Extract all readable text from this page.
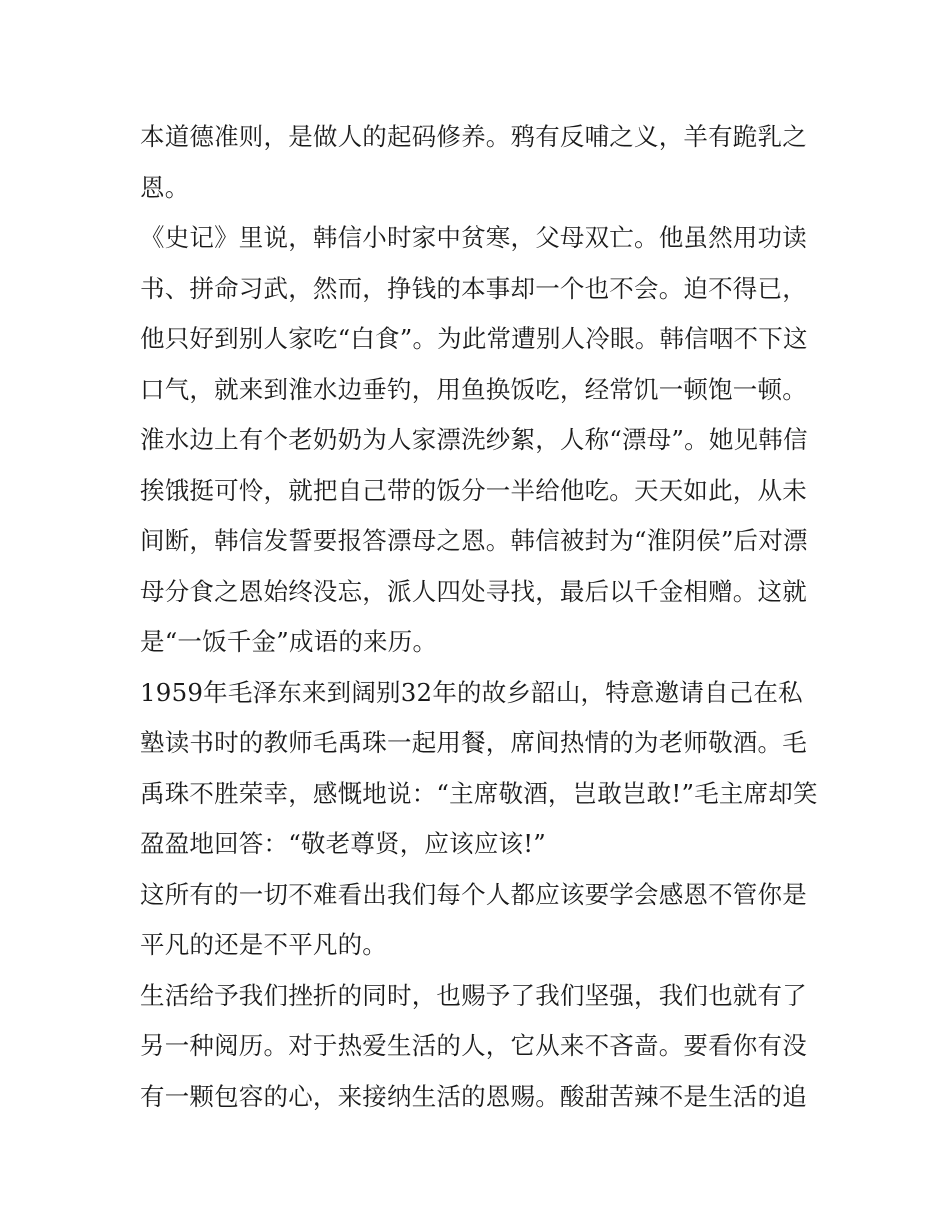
本道德准则，是做人的起码修养。鸦有反哺之义，羊有跪乳之恩。

《史记》里说，韩信小时家中贫寒，父母双亡。他虽然用功读书、拼命习武，然而，挣钱的本事却一个也不会。迫不得已，他只好到别人家吃“白食”。为此常遭别人冷眼。韩信咽不下这口气，就来到淮水边垂钓，用鱼换饭吃，经常饥一顿饱一顿。淮水边上有个老奶奶为人家漂洗纱絮，人称“漂母”。她见韩信挨饿挺可怜，就把自己带的饭分一半给他吃。天天如此，从未间断，韩信发誓要报答漂母之恩。韩信被封为“淮阴侯”后对漂母分食之恩始终没忘，派人四处寻找，最后以千金相赠。这就是“一饭千金”成语的来历。

1959年毛泽东来到阔别32年的故乡韶山，特意邀请自己在私塾读书时的教师毛禹珠一起用餐，席间热情的为老师敬酒。毛禹珠不胜荣幸，感慨地说：“主席敬酒，岂敢岂敢!”毛主席却笑盈盈地回答：“敬老尊贤，应该应该!”

这所有的一切不难看出我们每个人都应该要学会感恩不管你是平凡的还是不平凡的。

生活给予我们挫折的同时，也赐予了我们坚强，我们也就有了另一种阅历。对于热爱生活的人，它从来不吝啬。要看你有没有一颗包容的心，来接纳生活的恩赐。酸甜苦辣不是生活的追
